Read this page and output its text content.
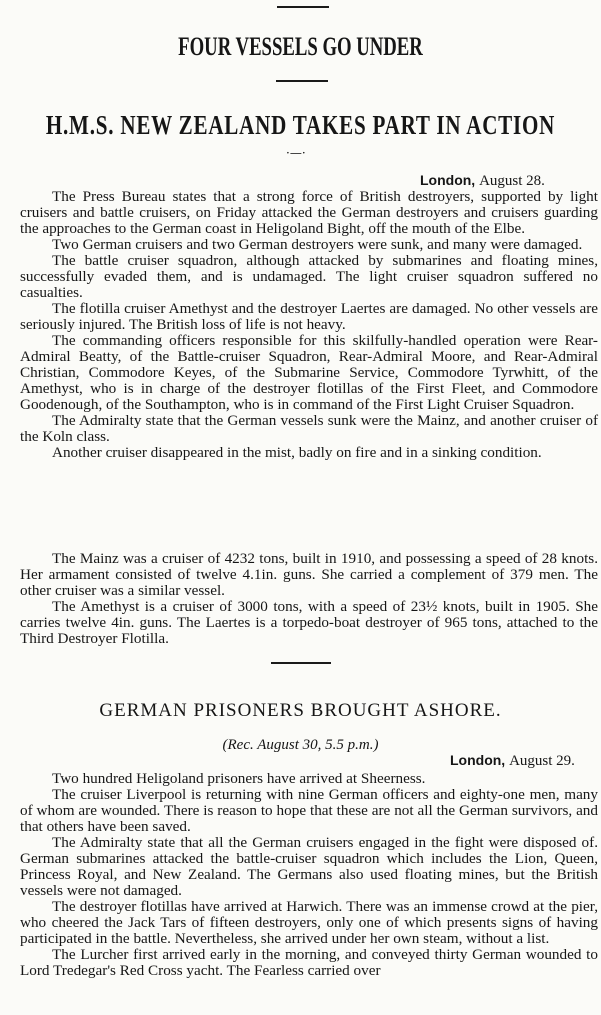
FOUR VESSELS GO UNDER
H.M.S. NEW ZEALAND TAKES PART IN ACTION
·—·
London, August 28.

The Press Bureau states that a strong force of British destroyers, supported by light cruisers and battle cruisers, on Friday attacked the German destroyers and cruisers guarding the approaches to the German coast in Heligoland Bight, off the mouth of the Elbe.

Two German cruisers and two German destroyers were sunk, and many were damaged.

The battle cruiser squadron, although attacked by submarines and floating mines, successfully evaded them, and is undamaged. The light cruiser squadron suffered no casualties.

The flotilla cruiser Amethyst and the destroyer Laertes are damaged. No other vessels are seriously injured. The British loss of life is not heavy.

The commanding officers responsible for this skilfully-handled operation were Rear-Admiral Beatty, of the Battle-cruiser Squadron, Rear-Admiral Moore, and Rear-Admiral Christian, Commodore Keyes, of the Submarine Service, Commodore Tyrwhitt, of the Amethyst, who is in charge of the destroyer flotillas of the First Fleet, and Commodore Goodenough, of the Southampton, who is in command of the First Light Cruiser Squadron.

The Admiralty state that the German vessels sunk were the Mainz, and another cruiser of the Koln class.

Another cruiser disappeared in the mist, badly on fire and in a sinking condition.

The Mainz was a cruiser of 4232 tons, built in 1910, and possessing a speed of 28 knots. Her armament consisted of twelve 4.1in. guns. She carried a complement of 379 men. The other cruiser was a similar vessel.

The Amethyst is a cruiser of 3000 tons, with a speed of 23½ knots, built in 1905. She carries twelve 4in. guns. The Laertes is a torpedo-boat destroyer of 965 tons, attached to the Third Destroyer Flotilla.

GERMAN PRISONERS BROUGHT ASHORE.
(Rec. August 30, 5.5 p.m.)
London, August 29.

Two hundred Heligoland prisoners have arrived at Sheerness.

The cruiser Liverpool is returning with nine German officers and eighty-one men, many of whom are wounded. There is reason to hope that these are not all the German survivors, and that others have been saved.

The Admiralty state that all the German cruisers engaged in the fight were disposed of. German submarines attacked the battle-cruiser squadron which includes the Lion, Queen, Princess Royal, and New Zealand. The Germans also used floating mines, but the British vessels were not damaged.

The destroyer flotillas have arrived at Harwich. There was an immense crowd at the pier, who cheered the Jack Tars of fifteen destroyers, only one of which presents signs of having participated in the battle. Nevertheless, she arrived under her own steam, without a list.

The Lurcher first arrived early in the morning, and conveyed thirty German wounded to Lord Tredegar's Red Cross yacht. The Fearless carried over
